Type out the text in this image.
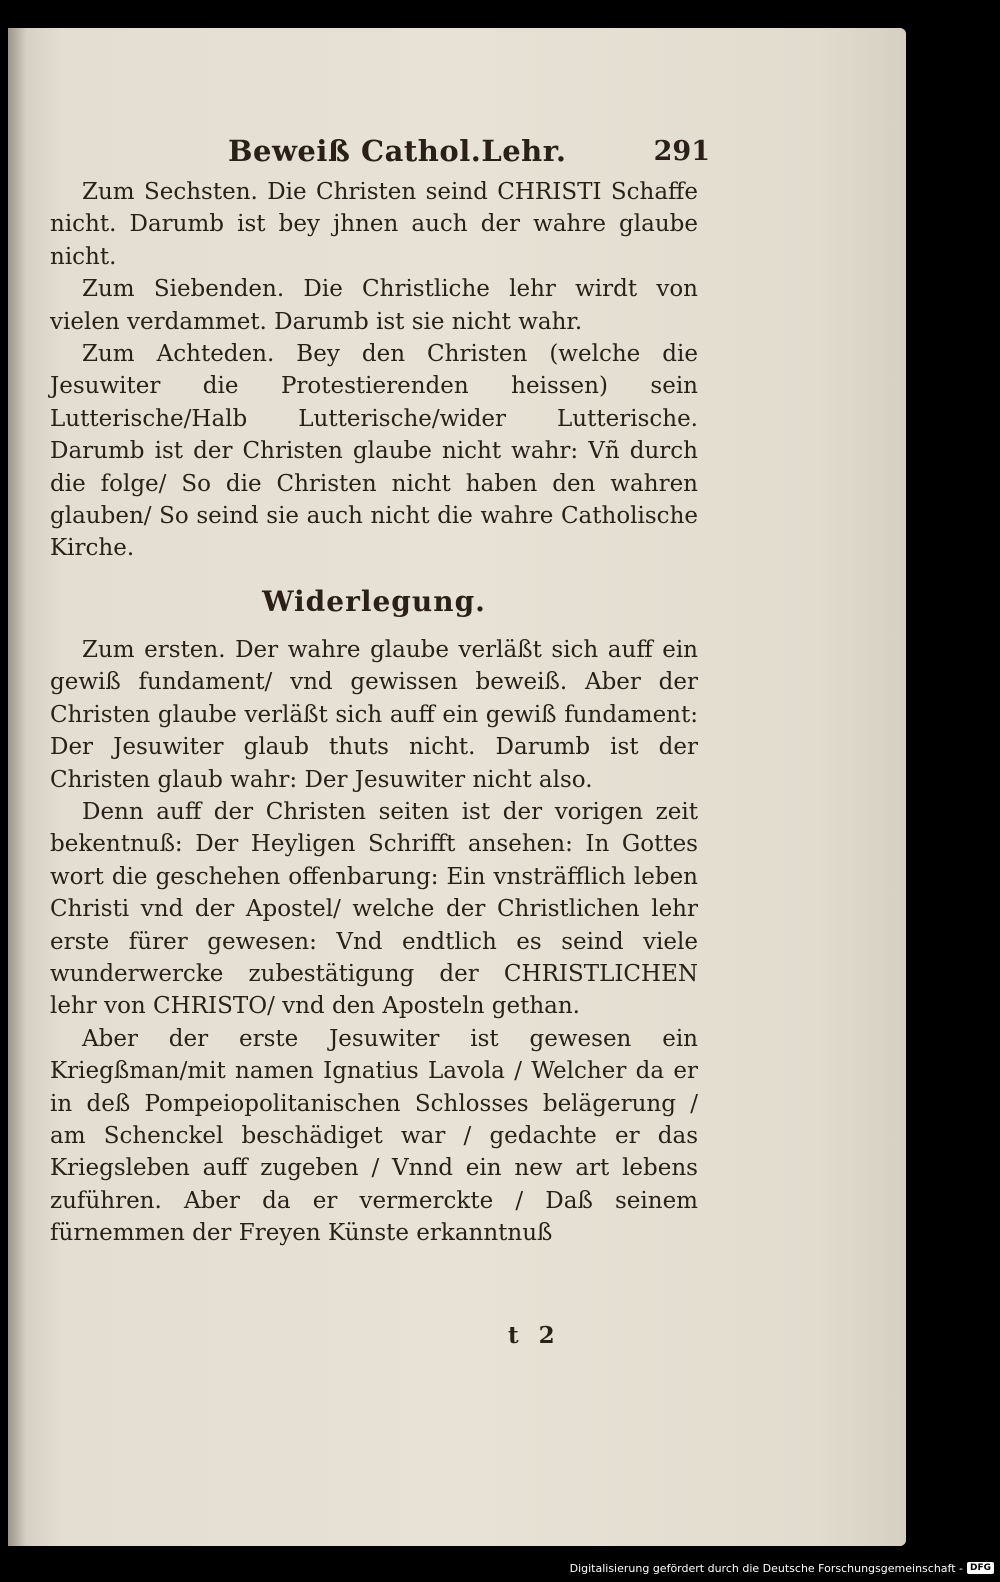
Beweiß Cathol.Lehr.	291

Zum Sechsten. Die Christen seind CHRISTI Schaffe nicht. Darumb ist bey jhnen auch der wahre glaube nicht.

Zum Siebenden. Die Christliche lehr wirdt von vielen verdammet. Darumb ist sie nicht wahr.

Zum Achteden. Bey den Christen (welche die Jesuwiter die Protestierenden heissen) sein Lutterische/Halb Lutterische/wider Lutterische. Darumb ist der Christen glaube nicht wahr: Vñ durch die folge/ So die Christen nicht haben den wahren glauben/ So seind sie auch nicht die wahre Catholische Kirche.

Widerlegung.

Zum ersten. Der wahre glaube verläßt sich auff ein gewiß fundament/ vnd gewissen beweiß. Aber der Christen glaube verläßt sich auff ein gewiß fundament: Der Jesuwiter glaub thuts nicht. Darumb ist der Christen glaub wahr: Der Jesuwiter nicht also.

Denn auff der Christen seiten ist der vorigen zeit bekentnuß: Der Heyligen Schrifft ansehen: In Gottes wort die geschehen offenbarung: Ein vnsträfflich leben Christi vnd der Apostel/ welche der Christlichen lehr erste fürer gewesen: Vnd endtlich es seind viele wunderwercke zubestätigung der CHRISTLICHEN lehr von CHRISTO/ vnd den Aposteln gethan.

Aber der erste Jesuwiter ist gewesen ein Kriegßman/mit namen Ignatius Lavola / Welcher da er in deß Pompeiopolitanischen Schlosses belägerung / am Schenckel beschädiget war / gedachte er das Kriegsleben auff zugeben / Vnnd ein new art lebens zuführen. Aber da er vermerckte / Daß seinem fürnemmen der Freyen Künste erkanntnuß

t 2
Digitalisierung gefördert durch die Deutsche Forschungsgemeinschaft - DFG
